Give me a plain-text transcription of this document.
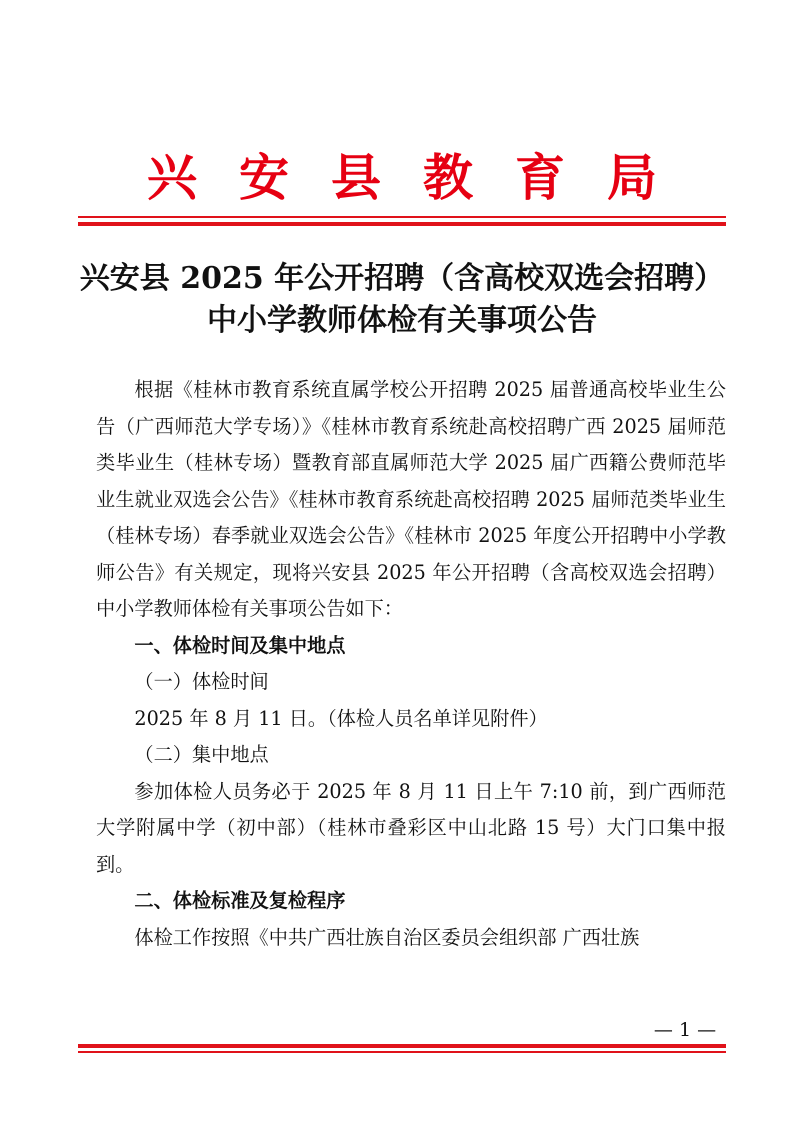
兴安县教育局
兴安县 2025 年公开招聘（含高校双选会招聘）
中小学教师体检有关事项公告

根据《桂林市教育系统直属学校公开招聘 2025 届普通高校毕业生公告（广西师范大学专场）》《桂林市教育系统赴高校招聘广西 2025 届师范类毕业生（桂林专场）暨教育部直属师范大学 2025 届广西籍公费师范毕业生就业双选会公告》《桂林市教育系统赴高校招聘 2025 届师范类毕业生（桂林专场）春季就业双选会公告》《桂林市 2025 年度公开招聘中小学教师公告》有关规定，现将兴安县 2025 年公开招聘（含高校双选会招聘）中小学教师体检有关事项公告如下：

一、体检时间及集中地点

（一）体检时间

2025 年 8 月 11 日。（体检人员名单详见附件）

（二）集中地点

参加体检人员务必于 2025 年 8 月 11 日上午 7:10 前，到广西师范大学附属中学（初中部）（桂林市叠彩区中山北路 15 号）大门口集中报到。

二、体检标准及复检程序

体检工作按照《中共广西壮族自治区委员会组织部 广西壮族

— 1 —
